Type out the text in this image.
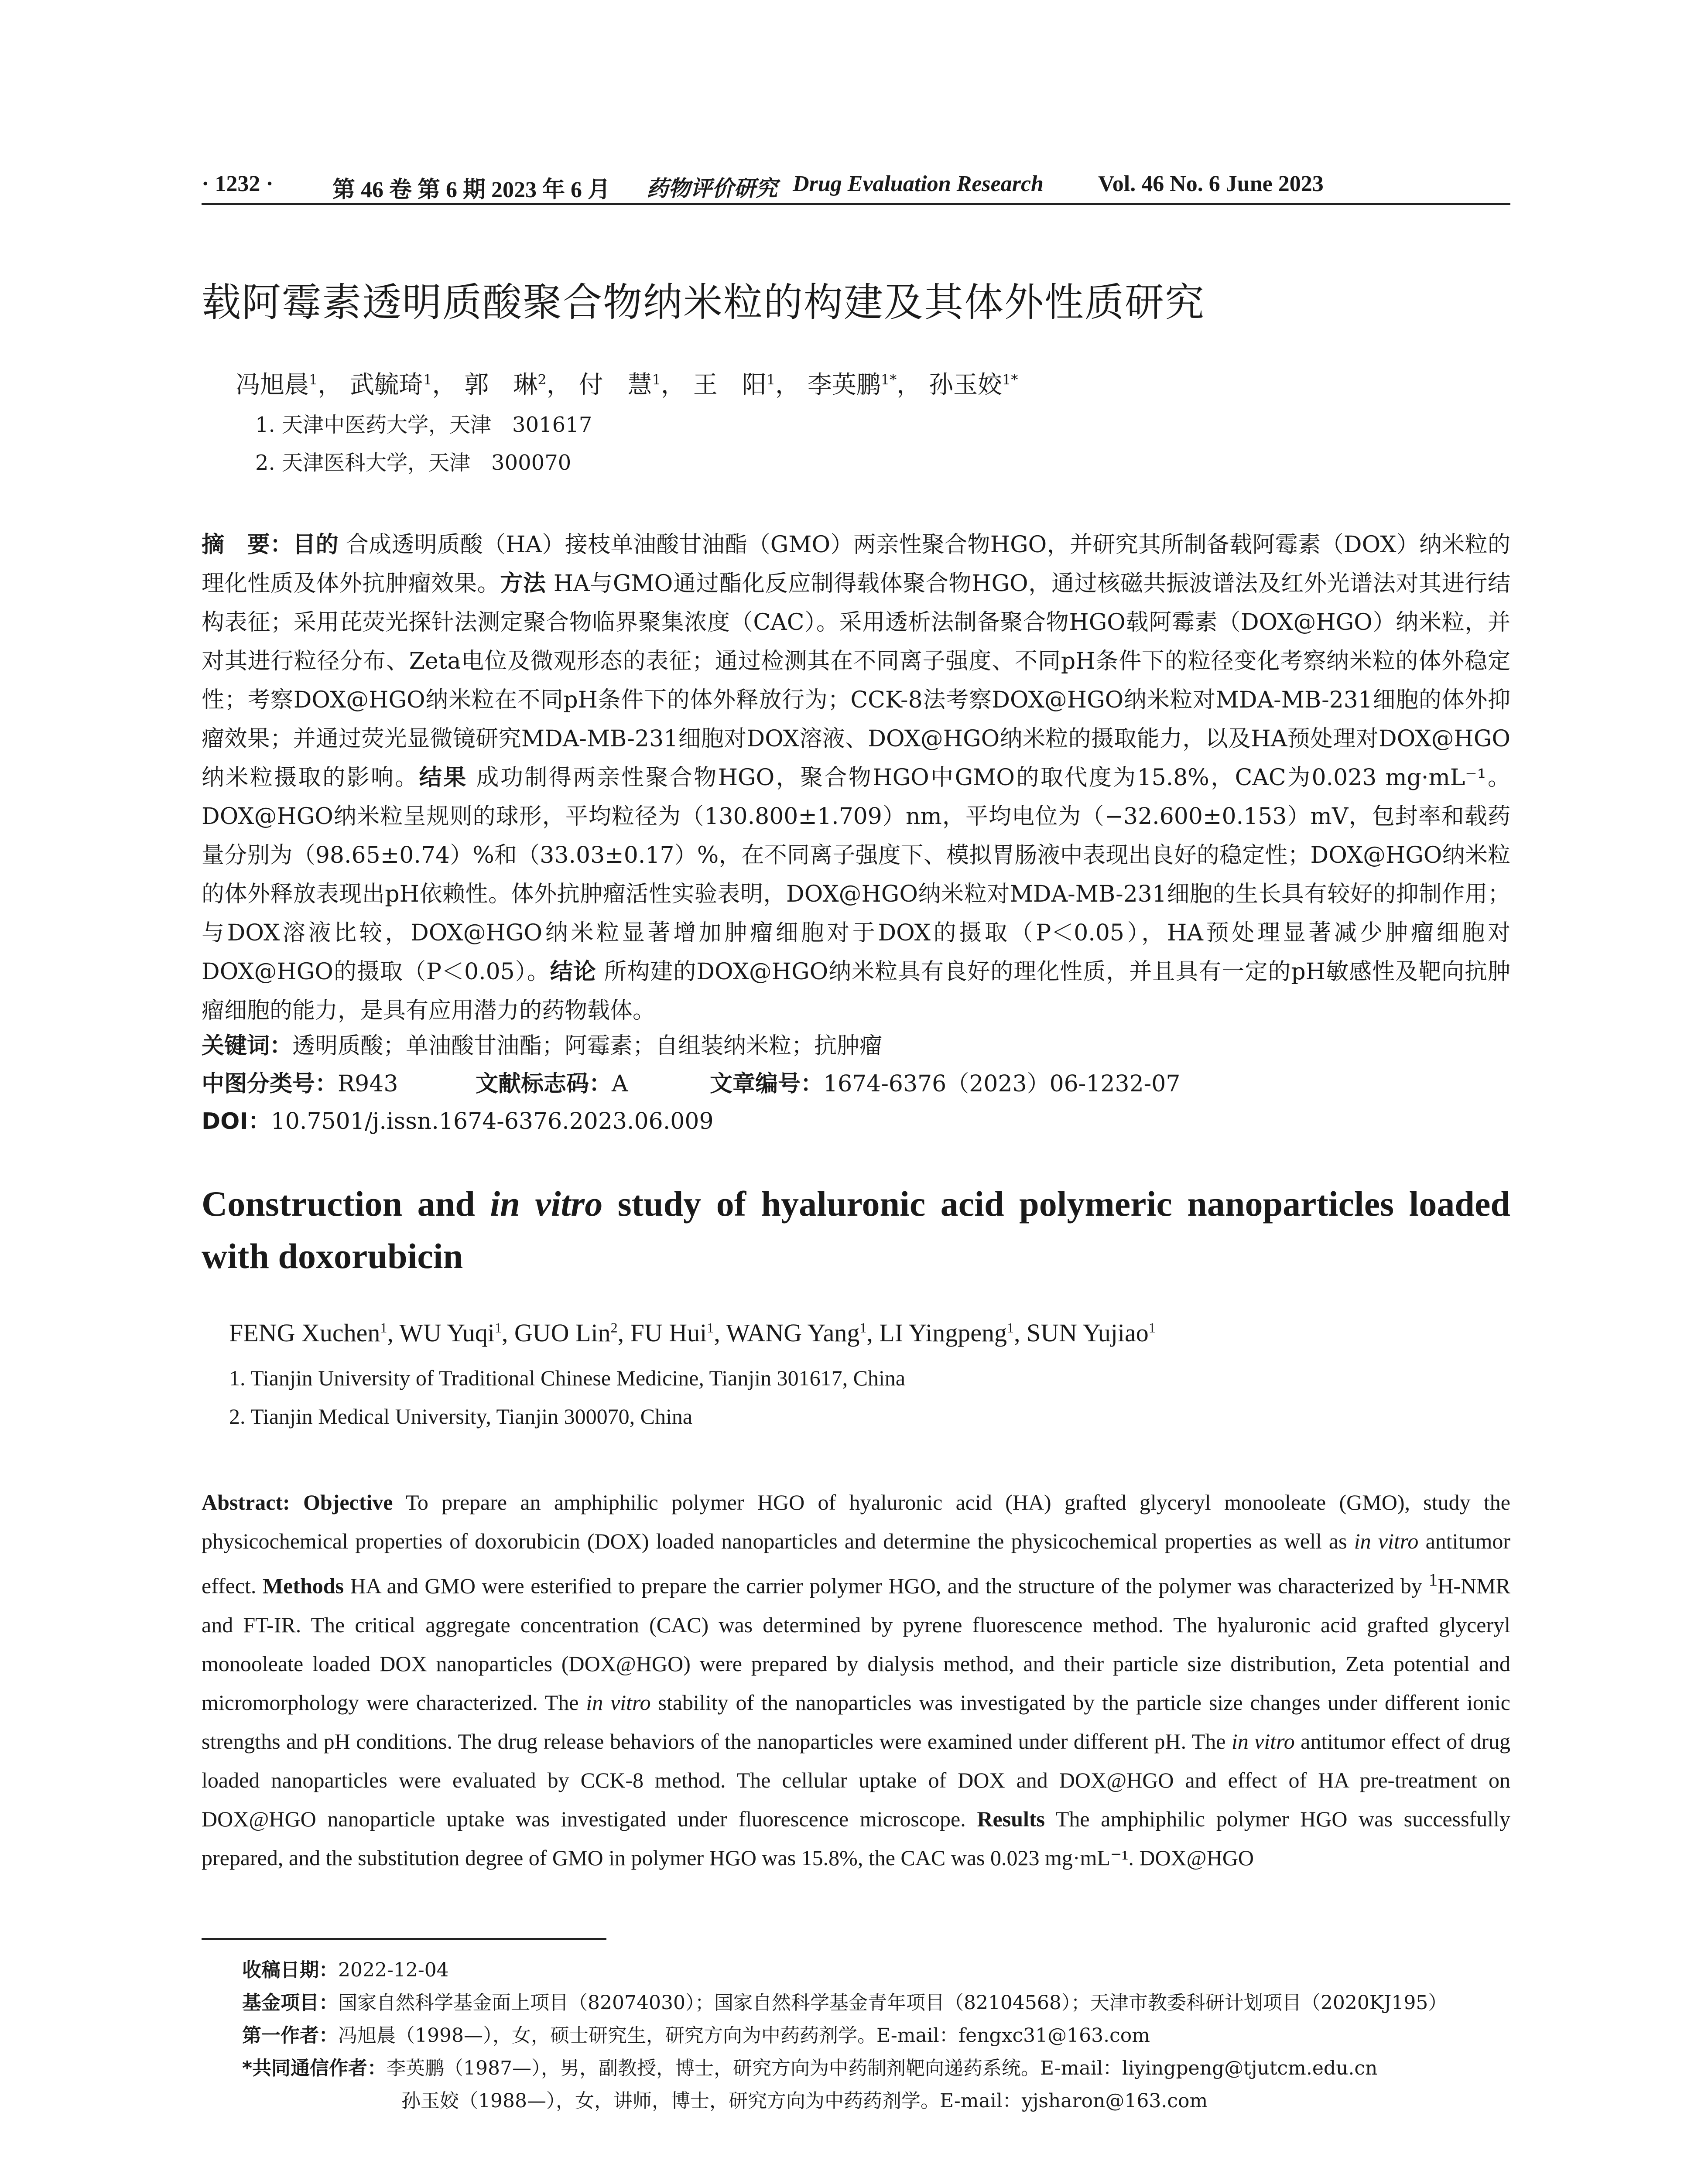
· 1232 ·	第 46 卷 第 6 期 2023 年 6 月 药物评价研究 Drug Evaluation Research Vol. 46 No. 6 June 2023
载阿霉素透明质酸聚合物纳米粒的构建及其体外性质研究
冯旭晨$^1$， 武毓琦$^1$， 郭　琳$^2$， 付　慧$^1$， 王　阳$^1$， 李英鹏$^{1*}$， 孙玉姣$^{1*}$
1. 天津中医药大学，天津　301617
2. 天津医科大学，天津　300070
摘　要：目的 合成透明质酸（HA）接枝单油酸甘油酯（GMO）两亲性聚合物HGO，并研究其所制备载阿霉素（DOX）纳米粒的理化性质及体外抗肿瘤效果。方法 HA与GMO通过酯化反应制得载体聚合物HGO，通过核磁共振波谱法及红外光谱法对其进行结构表征；采用芘荧光探针法测定聚合物临界聚集浓度（CAC）。采用透析法制备聚合物HGO载阿霉素（DOX@HGO）纳米粒，并对其进行粒径分布、Zeta电位及微观形态的表征；通过检测其在不同离子强度、不同pH条件下的粒径变化考察纳米粒的体外稳定性；考察DOX@HGO纳米粒在不同pH条件下的体外释放行为；CCK-8法考察DOX@HGO纳米粒对MDA-MB-231细胞的体外抑瘤效果；并通过荧光显微镜研究MDA-MB-231细胞对DOX溶液、DOX@HGO纳米粒的摄取能力，以及HA预处理对DOX@HGO纳米粒摄取的影响。结果 成功制得两亲性聚合物HGO，聚合物HGO中GMO的取代度为15.8%，CAC为0.023 mg·mL⁻¹。DOX@HGO纳米粒呈规则的球形，平均粒径为（130.800±1.709）nm，平均电位为（−32.600±0.153）mV，包封率和载药量分别为（98.65±0.74）%和（33.03±0.17）%，在不同离子强度下、模拟胃肠液中表现出良好的稳定性；DOX@HGO纳米粒的体外释放表现出pH依赖性。体外抗肿瘤活性实验表明，DOX@HGO纳米粒对MDA-MB-231细胞的生长具有较好的抑制作用；与DOX溶液比较，DOX@HGO纳米粒显著增加肿瘤细胞对于DOX的摄取（P＜0.05），HA预处理显著减少肿瘤细胞对DOX@HGO的摄取（P＜0.05）。结论 所构建的DOX@HGO纳米粒具有良好的理化性质，并且具有一定的pH敏感性及靶向抗肿瘤细胞的能力，是具有应用潜力的药物载体。
关键词：透明质酸；单油酸甘油酯；阿霉素；自组装纳米粒；抗肿瘤
中图分类号：R943	文献标志码：A	文章编号：1674-6376（2023）06-1232-07
DOI：10.7501/j.issn.1674-6376.2023.06.009
Construction and in vitro study of hyaluronic acid polymeric nanoparticles loaded with doxorubicin
FENG Xuchen$^1$, WU Yuqi$^1$, GUO Lin$^2$, FU Hui$^1$, WANG Yang$^1$, LI Yingpeng$^1$, SUN Yujiao$^1$
1. Tianjin University of Traditional Chinese Medicine, Tianjin 301617, China
2. Tianjin Medical University, Tianjin 300070, China
Abstract: Objective To prepare an amphiphilic polymer HGO of hyaluronic acid (HA) grafted glyceryl monooleate (GMO), study the physicochemical properties of doxorubicin (DOX) loaded nanoparticles and determine the physicochemical properties as well as in vitro antitumor effect. Methods HA and GMO were esterified to prepare the carrier polymer HGO, and the structure of the polymer was characterized by $^1$H-NMR and FT-IR. The critical aggregate concentration (CAC) was determined by pyrene fluorescence method. The hyaluronic acid grafted glyceryl monooleate loaded DOX nanoparticles (DOX@HGO) were prepared by dialysis method, and their particle size distribution, Zeta potential and micromorphology were characterized. The in vitro stability of the nanoparticles was investigated by the particle size changes under different ionic strengths and pH conditions. The drug release behaviors of the nanoparticles were examined under different pH. The in vitro antitumor effect of drug loaded nanoparticles were evaluated by CCK-8 method. The cellular uptake of DOX and DOX@HGO and effect of HA pre-treatment on DOX@HGO nanoparticle uptake was investigated under fluorescence microscope. Results The amphiphilic polymer HGO was successfully prepared, and the substitution degree of GMO in polymer HGO was 15.8%, the CAC was 0.023 mg·mL⁻¹. DOX@HGO
收稿日期：2022-12-04
基金项目：国家自然科学基金面上项目（82074030）；国家自然科学基金青年项目（82104568）；天津市教委科研计划项目（2020KJ195）
第一作者：冯旭晨（1998—），女，硕士研究生，研究方向为中药药剂学。E-mail：fengxc31@163.com
*共同通信作者：李英鹏（1987—），男，副教授，博士，研究方向为中药制剂靶向递药系统。E-mail：liyingpeng@tjutcm.edu.cn
孙玉姣（1988—），女，讲师，博士，研究方向为中药药剂学。E-mail：yjsharon@163.com
